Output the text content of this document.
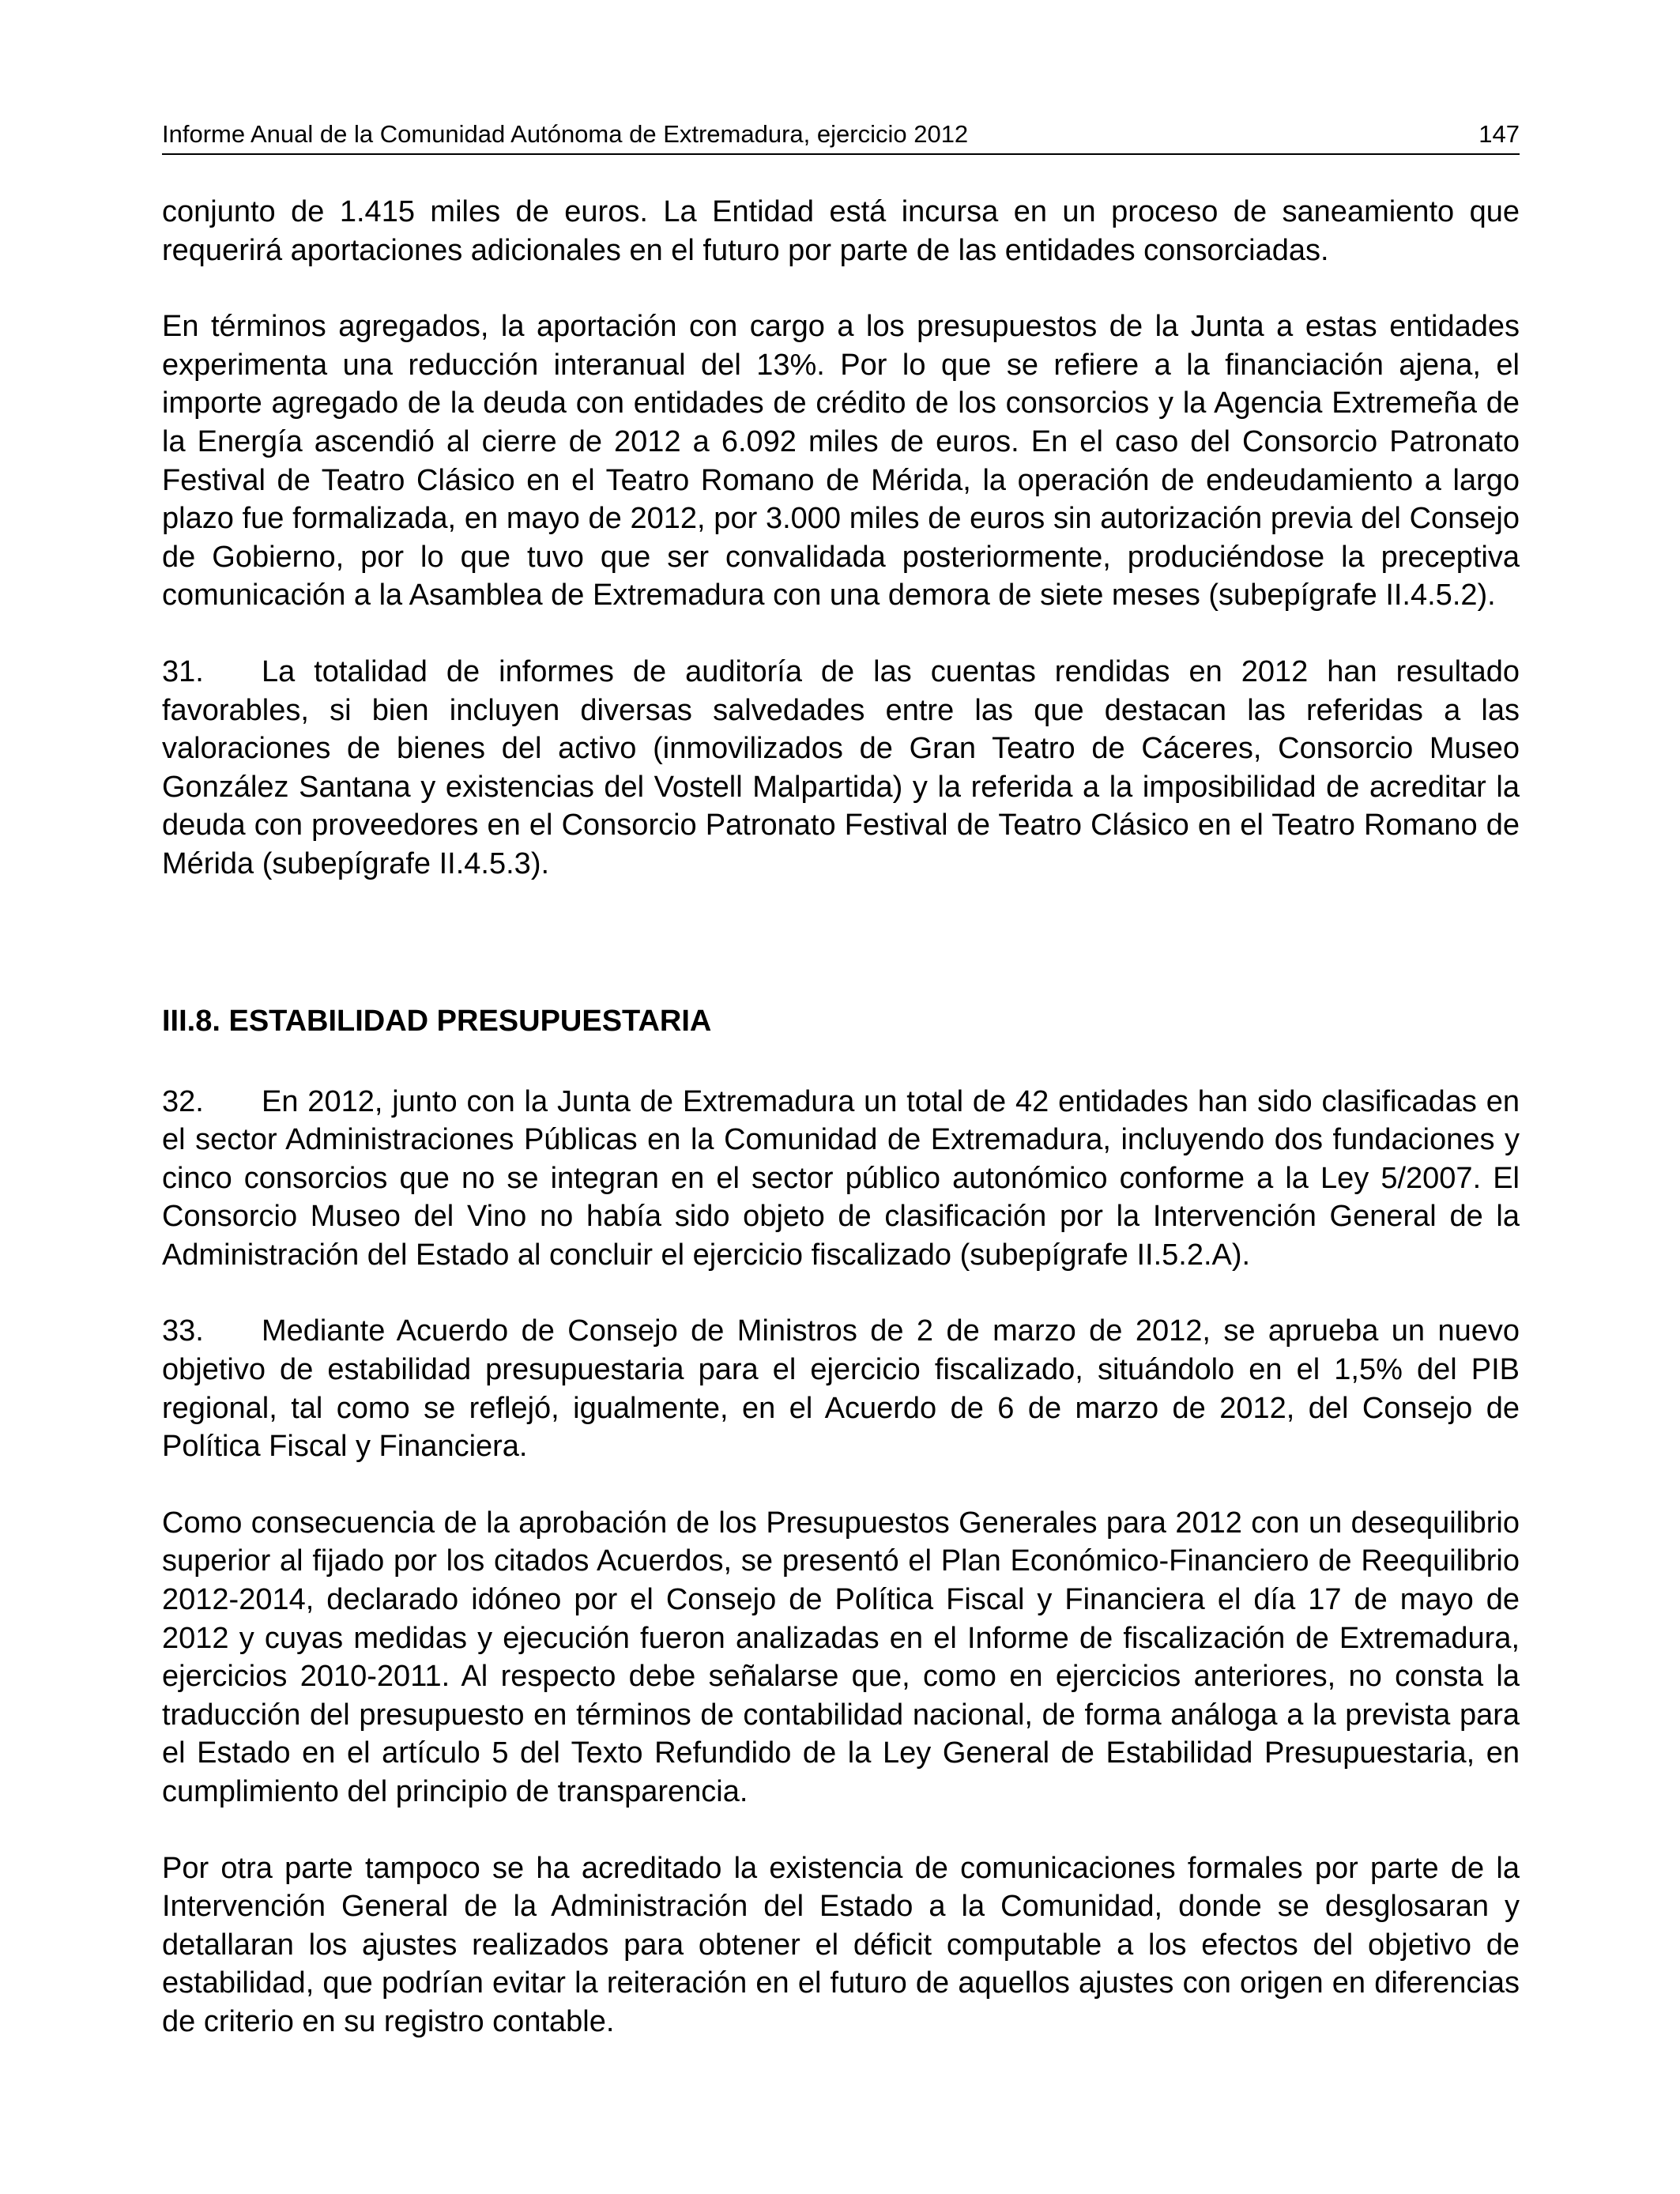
Informe Anual de la Comunidad Autónoma de Extremadura, ejercicio 2012	147

conjunto de 1.415 miles de euros. La Entidad está incursa en un proceso de saneamiento que requerirá aportaciones adicionales en el futuro por parte de las entidades consorciadas.

En términos agregados, la aportación con cargo a los presupuestos de la Junta a estas entidades experimenta una reducción interanual del 13%. Por lo que se refiere a la financiación ajena, el importe agregado de la deuda con entidades de crédito de los consorcios y la Agencia Extremeña de la Energía ascendió al cierre de 2012 a 6.092 miles de euros. En el caso del Consorcio Patronato Festival de Teatro Clásico en el Teatro Romano de Mérida, la operación de endeudamiento a largo plazo fue formalizada, en mayo de 2012, por 3.000 miles de euros sin autorización previa del Consejo de Gobierno, por lo que tuvo que ser convalidada posteriormente, produciéndose la preceptiva comunicación a la Asamblea de Extremadura con una demora de siete meses (subepígrafe II.4.5.2).

31. La totalidad de informes de auditoría de las cuentas rendidas en 2012 han resultado favorables, si bien incluyen diversas salvedades entre las que destacan las referidas a las valoraciones de bienes del activo (inmovilizados de Gran Teatro de Cáceres, Consorcio Museo González Santana y existencias del Vostell Malpartida) y la referida a la imposibilidad de acreditar la deuda con proveedores en el Consorcio Patronato Festival de Teatro Clásico en el Teatro Romano de Mérida (subepígrafe II.4.5.3).

III.8. ESTABILIDAD PRESUPUESTARIA

32. En 2012, junto con la Junta de Extremadura un total de 42 entidades han sido clasificadas en el sector Administraciones Públicas en la Comunidad de Extremadura, incluyendo dos fundaciones y cinco consorcios que no se integran en el sector público autonómico conforme a la Ley 5/2007. El Consorcio Museo del Vino no había sido objeto de clasificación por la Intervención General de la Administración del Estado al concluir el ejercicio fiscalizado (subepígrafe II.5.2.A).

33. Mediante Acuerdo de Consejo de Ministros de 2 de marzo de 2012, se aprueba un nuevo objetivo de estabilidad presupuestaria para el ejercicio fiscalizado, situándolo en el 1,5% del PIB regional, tal como se reflejó, igualmente, en el Acuerdo de 6 de marzo de 2012, del Consejo de Política Fiscal y Financiera.

Como consecuencia de la aprobación de los Presupuestos Generales para 2012 con un desequilibrio superior al fijado por los citados Acuerdos, se presentó el Plan Económico-Financiero de Reequilibrio 2012-2014, declarado idóneo por el Consejo de Política Fiscal y Financiera el día 17 de mayo de 2012 y cuyas medidas y ejecución fueron analizadas en el Informe de fiscalización de Extremadura, ejercicios 2010-2011. Al respecto debe señalarse que, como en ejercicios anteriores, no consta la traducción del presupuesto en términos de contabilidad nacional, de forma análoga a la prevista para el Estado en el artículo 5 del Texto Refundido de la Ley General de Estabilidad Presupuestaria, en cumplimiento del principio de transparencia.

Por otra parte tampoco se ha acreditado la existencia de comunicaciones formales por parte de la Intervención General de la Administración del Estado a la Comunidad, donde se desglosaran y detallaran los ajustes realizados para obtener el déficit computable a los efectos del objetivo de estabilidad, que podrían evitar la reiteración en el futuro de aquellos ajustes con origen en diferencias de criterio en su registro contable.
